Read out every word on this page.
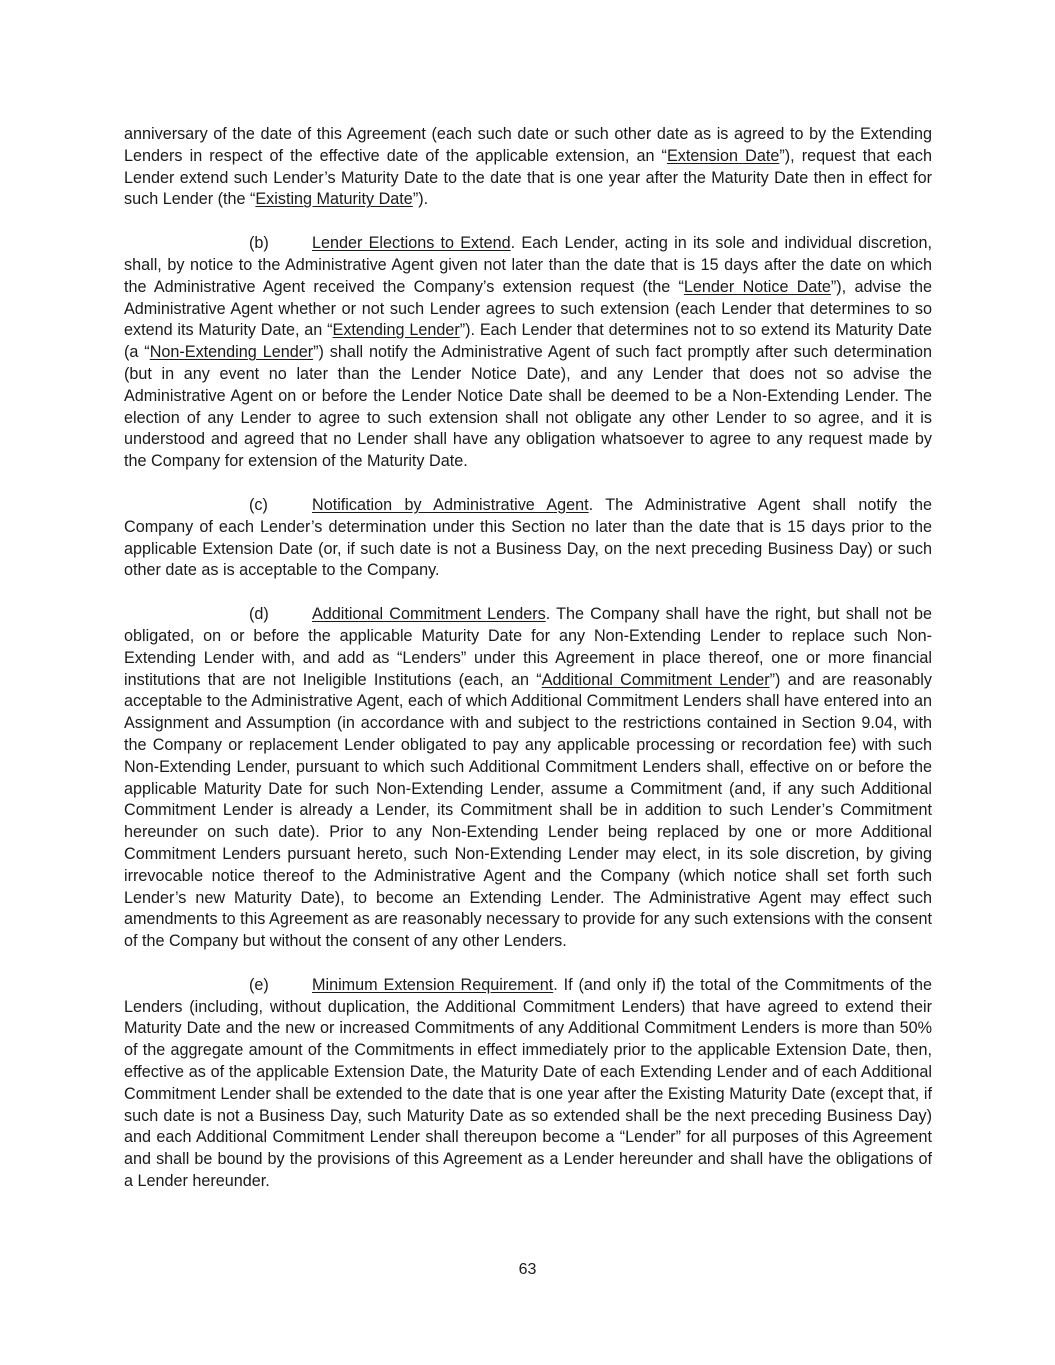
anniversary of the date of this Agreement (each such date or such other date as is agreed to by the Extending Lenders in respect of the effective date of the applicable extension, an “Extension Date”), request that each Lender extend such Lender’s Maturity Date to the date that is one year after the Maturity Date then in effect for such Lender (the “Existing Maturity Date”).

(b)	Lender Elections to Extend. Each Lender, acting in its sole and individual discretion, shall, by notice to the Administrative Agent given not later than the date that is 15 days after the date on which the Administrative Agent received the Company’s extension request (the “Lender Notice Date”), advise the Administrative Agent whether or not such Lender agrees to such extension (each Lender that determines to so extend its Maturity Date, an “Extending Lender”). Each Lender that determines not to so extend its Maturity Date (a “Non-Extending Lender”) shall notify the Administrative Agent of such fact promptly after such determination (but in any event no later than the Lender Notice Date), and any Lender that does not so advise the Administrative Agent on or before the Lender Notice Date shall be deemed to be a Non-Extending Lender. The election of any Lender to agree to such extension shall not obligate any other Lender to so agree, and it is understood and agreed that no Lender shall have any obligation whatsoever to agree to any request made by the Company for extension of the Maturity Date.

(c)	Notification by Administrative Agent. The Administrative Agent shall notify the Company of each Lender’s determination under this Section no later than the date that is 15 days prior to the applicable Extension Date (or, if such date is not a Business Day, on the next preceding Business Day) or such other date as is acceptable to the Company.

(d)	Additional Commitment Lenders. The Company shall have the right, but shall not be obligated, on or before the applicable Maturity Date for any Non-Extending Lender to replace such Non-Extending Lender with, and add as “Lenders” under this Agreement in place thereof, one or more financial institutions that are not Ineligible Institutions (each, an “Additional Commitment Lender”) and are reasonably acceptable to the Administrative Agent, each of which Additional Commitment Lenders shall have entered into an Assignment and Assumption (in accordance with and subject to the restrictions contained in Section 9.04, with the Company or replacement Lender obligated to pay any applicable processing or recordation fee) with such Non-Extending Lender, pursuant to which such Additional Commitment Lenders shall, effective on or before the applicable Maturity Date for such Non-Extending Lender, assume a Commitment (and, if any such Additional Commitment Lender is already a Lender, its Commitment shall be in addition to such Lender’s Commitment hereunder on such date). Prior to any Non-Extending Lender being replaced by one or more Additional Commitment Lenders pursuant hereto, such Non-Extending Lender may elect, in its sole discretion, by giving irrevocable notice thereof to the Administrative Agent and the Company (which notice shall set forth such Lender’s new Maturity Date), to become an Extending Lender. The Administrative Agent may effect such amendments to this Agreement as are reasonably necessary to provide for any such extensions with the consent of the Company but without the consent of any other Lenders.

(e)	Minimum Extension Requirement. If (and only if) the total of the Commitments of the Lenders (including, without duplication, the Additional Commitment Lenders) that have agreed to extend their Maturity Date and the new or increased Commitments of any Additional Commitment Lenders is more than 50% of the aggregate amount of the Commitments in effect immediately prior to the applicable Extension Date, then, effective as of the applicable Extension Date, the Maturity Date of each Extending Lender and of each Additional Commitment Lender shall be extended to the date that is one year after the Existing Maturity Date (except that, if such date is not a Business Day, such Maturity Date as so extended shall be the next preceding Business Day) and each Additional Commitment Lender shall thereupon become a “Lender” for all purposes of this Agreement and shall be bound by the provisions of this Agreement as a Lender hereunder and shall have the obligations of a Lender hereunder.

63
